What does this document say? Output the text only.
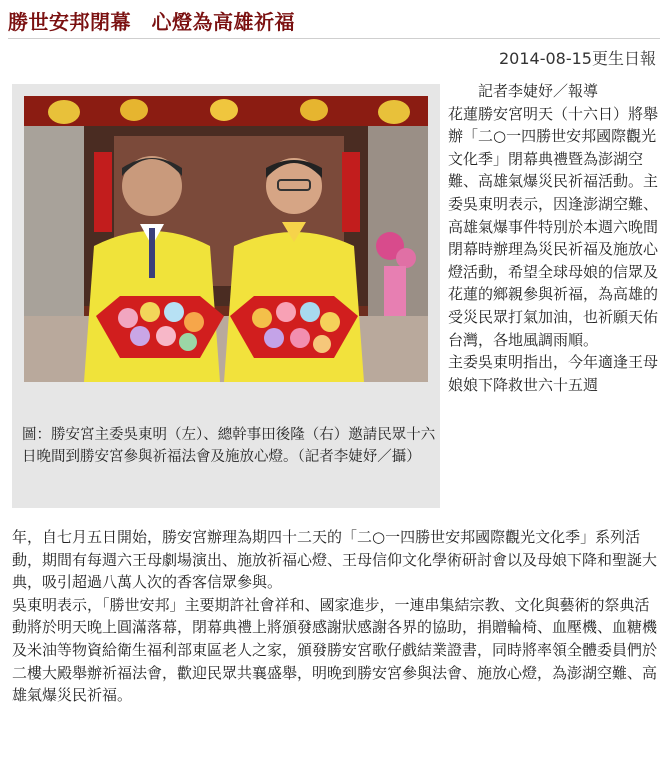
勝世安邦閉幕　心燈為高雄祈福
2014-08-15更生日報

圖：勝安宮主委吳東明（左）、總幹事田後隆（右）邀請民眾十六日晚間到勝安宮參與祈福法會及施放心燈。（記者李婕妤／攝）

記者李婕妤／報導

花蓮勝安宮明天（十六日）將舉辦「二○一四勝世安邦國際觀光文化季」閉幕典禮暨為澎湖空難、高雄氣爆災民祈福活動。主委吳東明表示，因逢澎湖空難、高雄氣爆事件特別於本週六晚間閉幕時辦理為災民祈福及施放心燈活動，希望全球母娘的信眾及花蓮的鄉親參與祈福，為高雄的受災民眾打氣加油，也祈願天佑台灣，各地風調雨順。

主委吳東明指出，今年適逢王母娘娘下降救世六十五週

年，自七月五日開始，勝安宮辦理為期四十二天的「二○一四勝世安邦國際觀光文化季」系列活動，期間有每週六王母劇場演出、施放祈福心燈、王母信仰文化學術研討會以及母娘下降和聖誕大典，吸引超過八萬人次的香客信眾參與。

吳東明表示，「勝世安邦」主要期許社會祥和、國家進步，一連串集結宗教、文化與藝術的祭典活動將於明天晚上圓滿落幕，閉幕典禮上將頒發感謝狀感謝各界的協助，捐贈輪椅、血壓機、血糖機及米油等物資給衛生福利部東區老人之家，頒發勝安宮歌仔戲結業證書，同時將率領全體委員們於二樓大殿舉辦祈福法會，歡迎民眾共襄盛舉，明晚到勝安宮參與法會、施放心燈，為澎湖空難、高雄氣爆災民祈福。
